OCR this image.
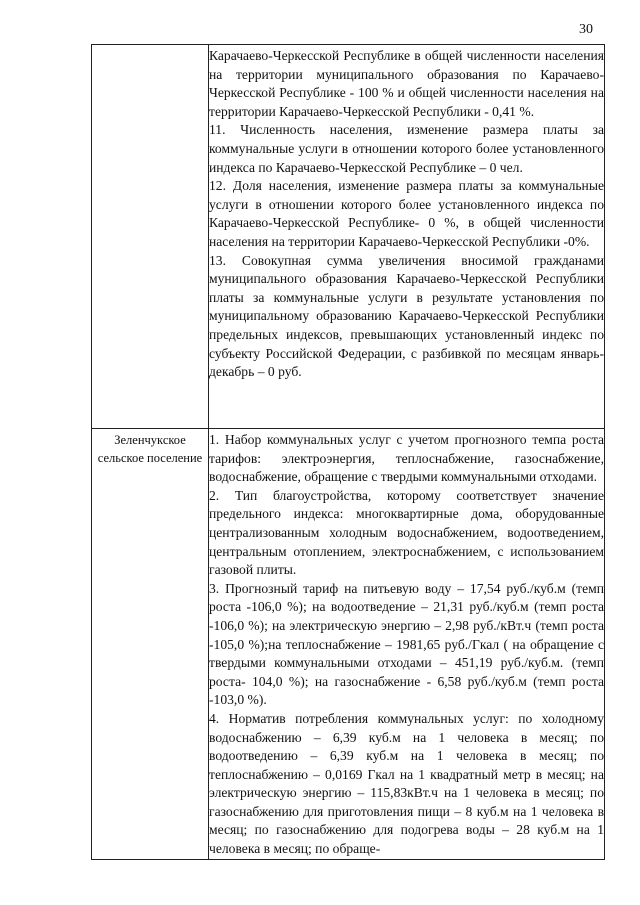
30

	Карачаево-Черкесской Республике в общей численности населения на территории муниципального образования по Карачаево-Черкесской Республике - 100 % и общей численности населения на территории Карачаево-Черкесской Республики - 0,41 %.

11. Численность населения, изменение размера платы за коммунальные услуги в отношении которого более установленного индекса по Карачаево-Черкесской Республике – 0 чел.

12. Доля населения, изменение размера платы за коммунальные услуги в отношении которого более установленного индекса по Карачаево-Черкесской Республике- 0 %, в общей численности населения на территории Карачаево-Черкесской Республики -0%.

13. Совокупная сумма увеличения вносимой гражданами муниципального образования Карачаево-Черкесской Республики платы за коммунальные услуги в результате установления по муниципальному образованию Карачаево-Черкесской Республики предельных индексов, превышающих установленный индекс по субъекту Российской Федерации, с разбивкой по месяцам январь-декабрь – 0 руб.

Зеленчукское сельское поселение	1. Набор коммунальных услуг с учетом прогнозного темпа роста тарифов: электроэнергия, теплоснабжение, газоснабжение, водоснабжение, обращение с твердыми коммунальными отходами.

2. Тип благоустройства, которому соответствует значение предельного индекса: многоквартирные дома, оборудованные централизованным холодным водоснабжением, водоотведением, центральным отоплением, электроснабжением, с использованием газовой плиты.

3. Прогнозный тариф на питьевую воду – 17,54 руб./куб.м (темп роста -106,0 %); на водоотведение – 21,31 руб./куб.м (темп роста -106,0 %); на электрическую энергию – 2,98 руб./кВт.ч (темп роста -105,0 %);на теплоснабжение – 1981,65 руб./Гкал ( на обращение с твердыми коммунальными отходами – 451,19 руб./куб.м. (темп роста- 104,0 %); на газоснабжение - 6,58 руб./куб.м (темп роста -103,0 %).

4. Норматив потребления коммунальных услуг: по холодному водоснабжению – 6,39 куб.м на 1 человека в месяц; по водоотведению – 6,39 куб.м на 1 человека в месяц; по теплоснабжению – 0,0169 Гкал на 1 квадратный метр в месяц; на электрическую энергию – 115,83кВт.ч на 1 человека в месяц; по газоснабжению для приготовления пищи – 8 куб.м на 1 человека в месяц; по газоснабжению для подогрева воды – 28 куб.м на 1 человека в месяц; по обраще-
